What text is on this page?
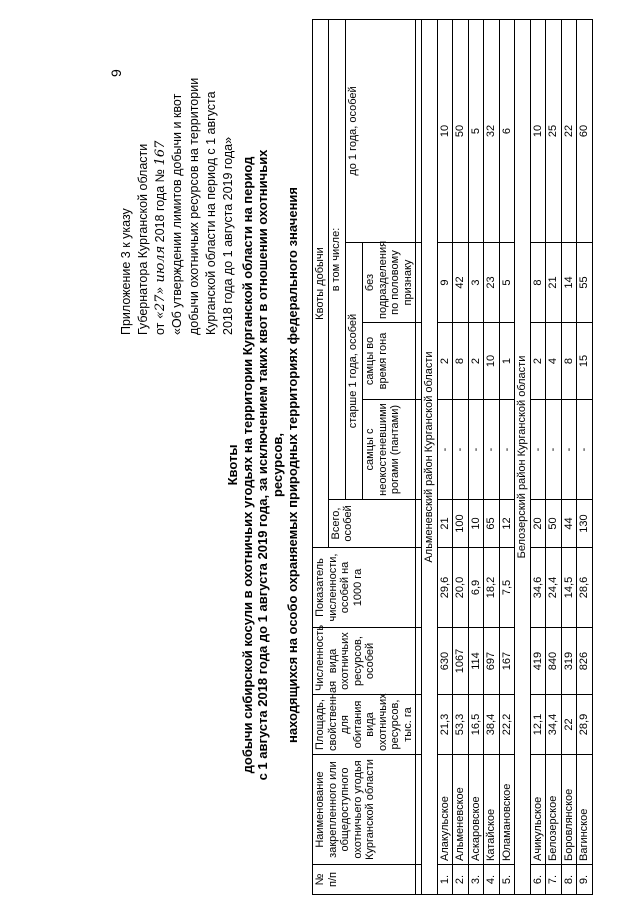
9
Приложение 3 к указу Губернатора Курганской области от «27» июля 2018 года № 167 «Об утверждении лимитов добычи и квот добычи охотничьих ресурсов на территории Курганской области на период с 1 августа 2018 года до 1 августа 2019 года»
Квоты добычи сибирской косули в охотничьих угодьях на территории Курганской области на период с 1 августа 2018 года до 1 августа 2019 года, за исключением таких квот в отношении охотничьих ресурсов, находящихся на особо охраняемых природных территориях федерального значения
№ п/п	Наименование закрепленного или общедоступного охотничьего угодья Курганской области	Площадь, свойственная для обитания вида охотничьих ресурсов, тыс. га	Численность вида охотничьих ресурсов, особей	Показатель численности, особей на 1000 га	Квоты добычи				
					Всего, особей	в том числе:			
						старше 1 года, особей			до 1 года, особей
						самцы с неокостеневшими рогами (пантами)	самцы во время гона	без подразделения по половому признаку	

Альменевский район Курганской области									
1.	Алакульское	21,3	630	29,6	21	-	2	9	10
2.	Альменевское	53,3	1067	20,0	100	-	8	42	50
3.	Аскаровское	16,5	114	6,9	10	-	2	3	5
4.	Катайское	38,4	697	18,2	65	-	10	23	32
5.	Юламановское	22,2	167	7,5	12	-	1	5	6
Белозерский район Курганской области									
6.	Ачикульское	12,1	419	34,6	20	-	2	8	10
7.	Белозерское	34,4	840	24,4	50	-	4	21	25
8.	Боровлянское	22	319	14,5	44	-	8	14	22
9.	Вагинское	28,9	826	28,6	130	-	15	55	60
